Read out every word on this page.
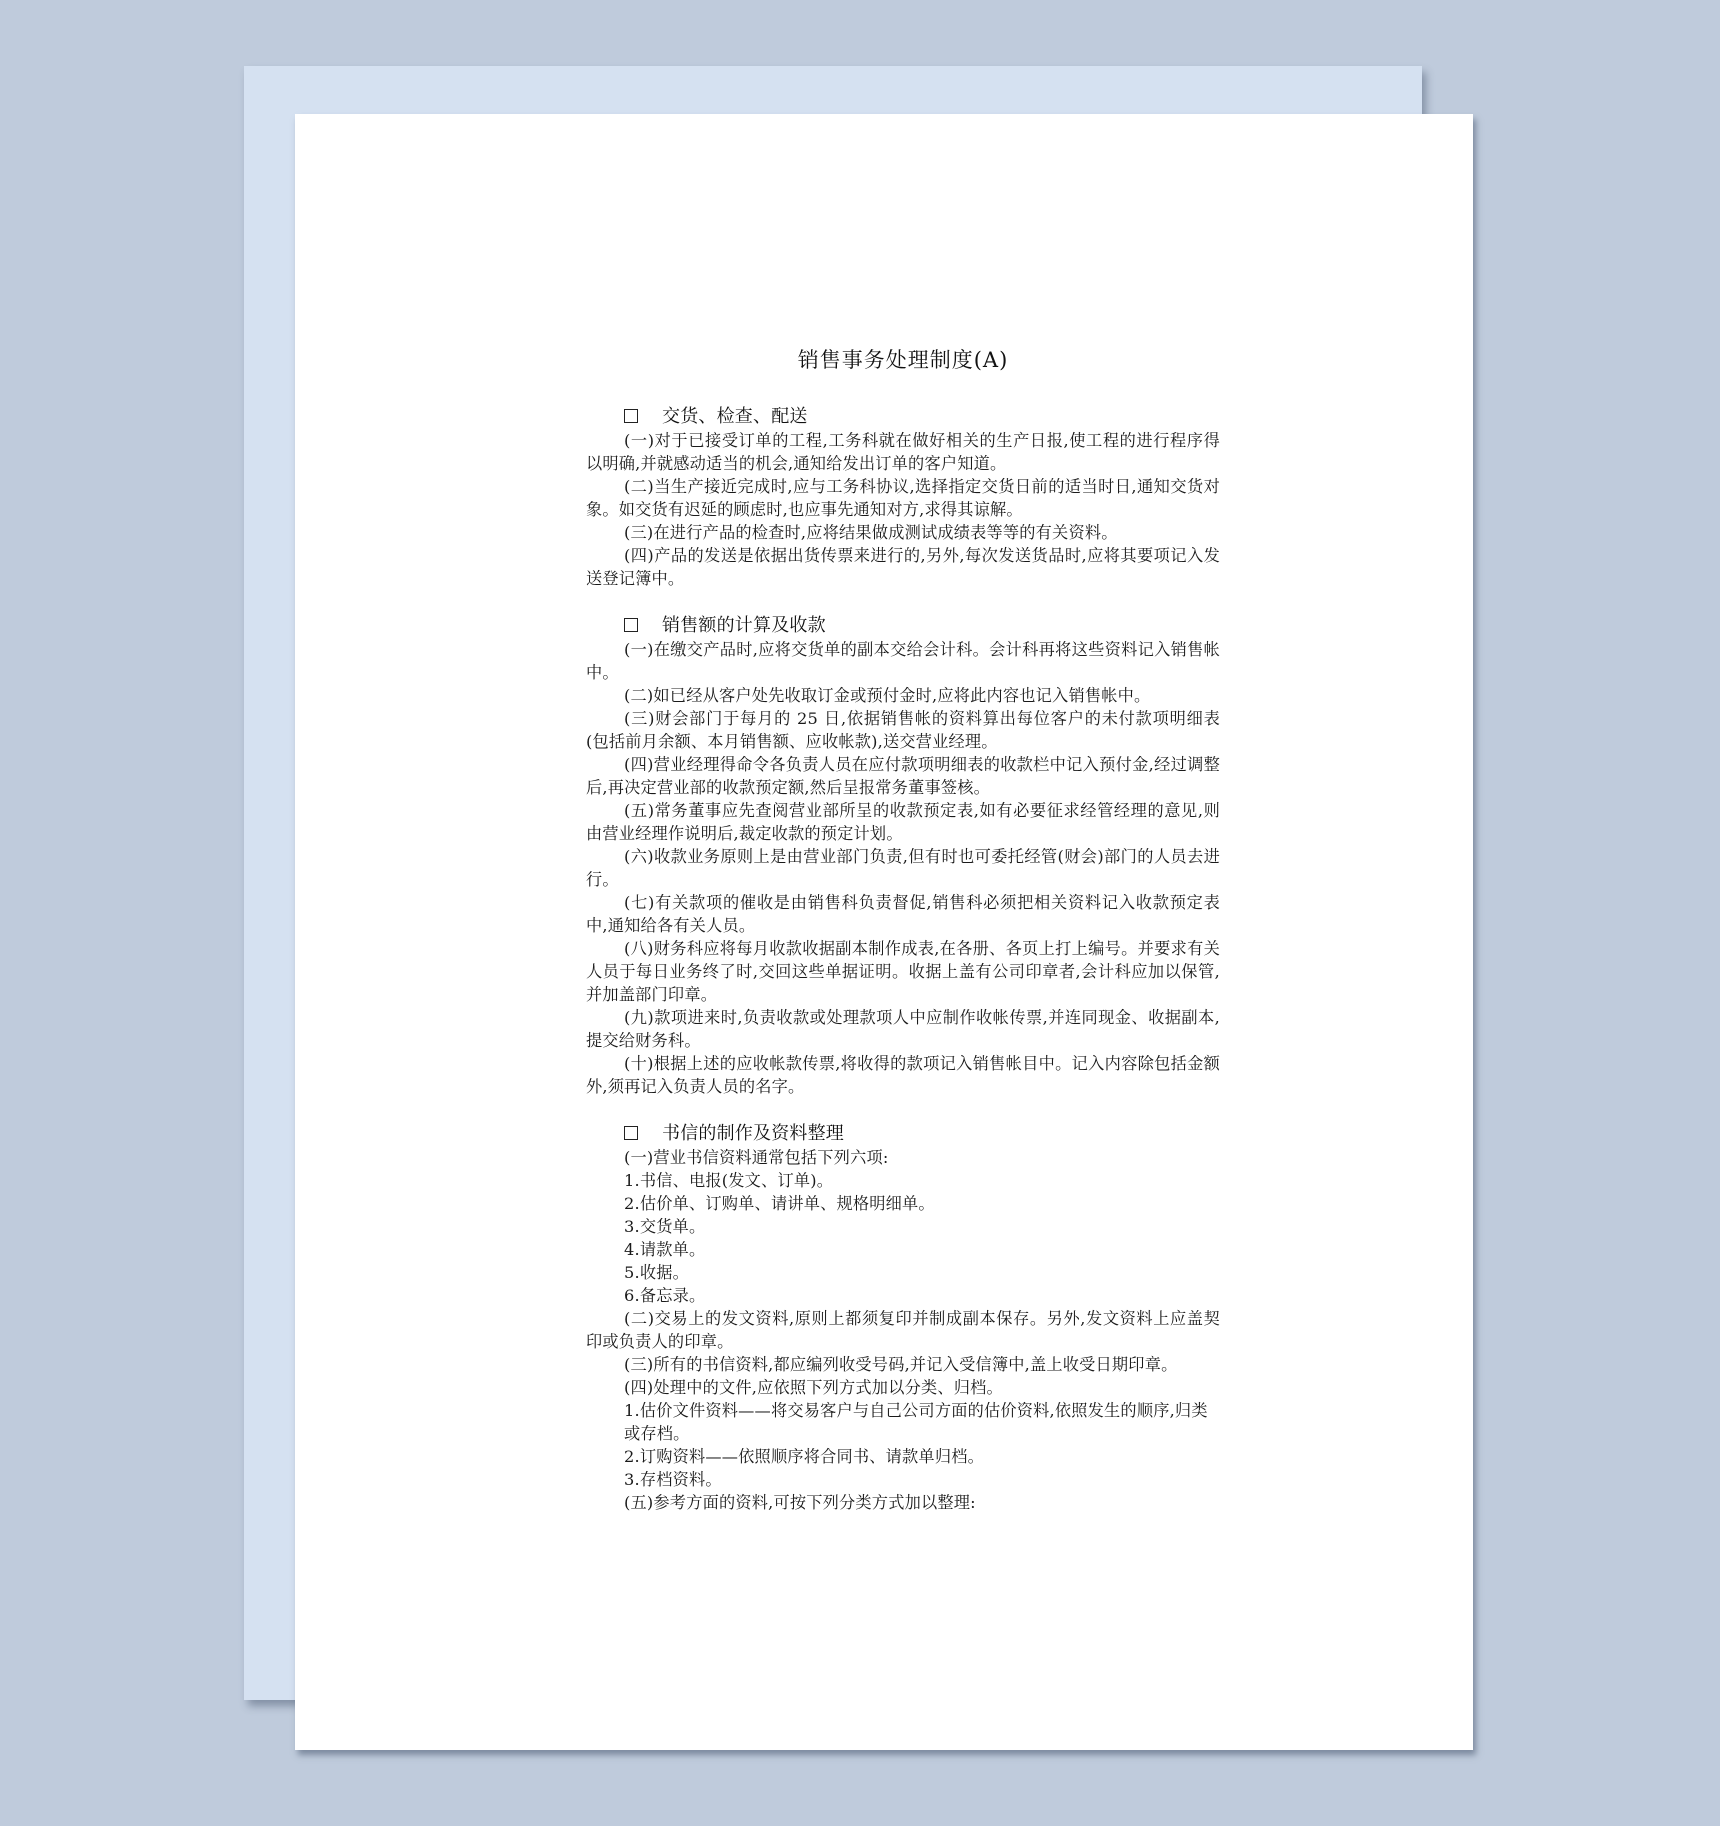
销售事务处理制度(A)
交货、检查、配送

(一)对于已接受订单的工程,工务科就在做好相关的生产日报,使工程的进行程序得以明确,并就感动适当的机会,通知给发出订单的客户知道。

(二)当生产接近完成时,应与工务科协议,选择指定交货日前的适当时日,通知交货对象。如交货有迟延的顾虑时,也应事先通知对方,求得其谅解。

(三)在进行产品的检查时,应将结果做成测试成绩表等等的有关资料。

(四)产品的发送是依据出货传票来进行的,另外,每次发送货品时,应将其要项记入发送登记簿中。

销售额的计算及收款

(一)在缴交产品时,应将交货单的副本交给会计科。会计科再将这些资料记入销售帐中。

(二)如已经从客户处先收取订金或预付金时,应将此内容也记入销售帐中。

(三)财会部门于每月的 25 日,依据销售帐的资料算出每位客户的未付款项明细表(包括前月余额、本月销售额、应收帐款),送交营业经理。

(四)营业经理得命令各负责人员在应付款项明细表的收款栏中记入预付金,经过调整后,再决定营业部的收款预定额,然后呈报常务董事签核。

(五)常务董事应先查阅营业部所呈的收款预定表,如有必要征求经管经理的意见,则由营业经理作说明后,裁定收款的预定计划。

(六)收款业务原则上是由营业部门负责,但有时也可委托经管(财会)部门的人员去进行。

(七)有关款项的催收是由销售科负责督促,销售科必须把相关资料记入收款预定表中,通知给各有关人员。

(八)财务科应将每月收款收据副本制作成表,在各册、各页上打上编号。并要求有关人员于每日业务终了时,交回这些单据证明。收据上盖有公司印章者,会计科应加以保管,并加盖部门印章。

(九)款项进来时,负责收款或处理款项人中应制作收帐传票,并连同现金、收据副本,提交给财务科。

(十)根据上述的应收帐款传票,将收得的款项记入销售帐目中。记入内容除包括金额外,须再记入负责人员的名字。

书信的制作及资料整理

(一)营业书信资料通常包括下列六项:

1.书信、电报(发文、订单)。

2.估价单、订购单、请讲单、规格明细单。

3.交货单。

4.请款单。

5.收据。

6.备忘录。

(二)交易上的发文资料,原则上都须复印并制成副本保存。另外,发文资料上应盖契印或负责人的印章。

(三)所有的书信资料,都应编列收受号码,并记入受信簿中,盖上收受日期印章。

(四)处理中的文件,应依照下列方式加以分类、归档。

1.估价文件资料——将交易客户与自己公司方面的估价资料,依照发生的顺序,归类或存档。

2.订购资料——依照顺序将合同书、请款单归档。

3.存档资料。

(五)参考方面的资料,可按下列分类方式加以整理:
